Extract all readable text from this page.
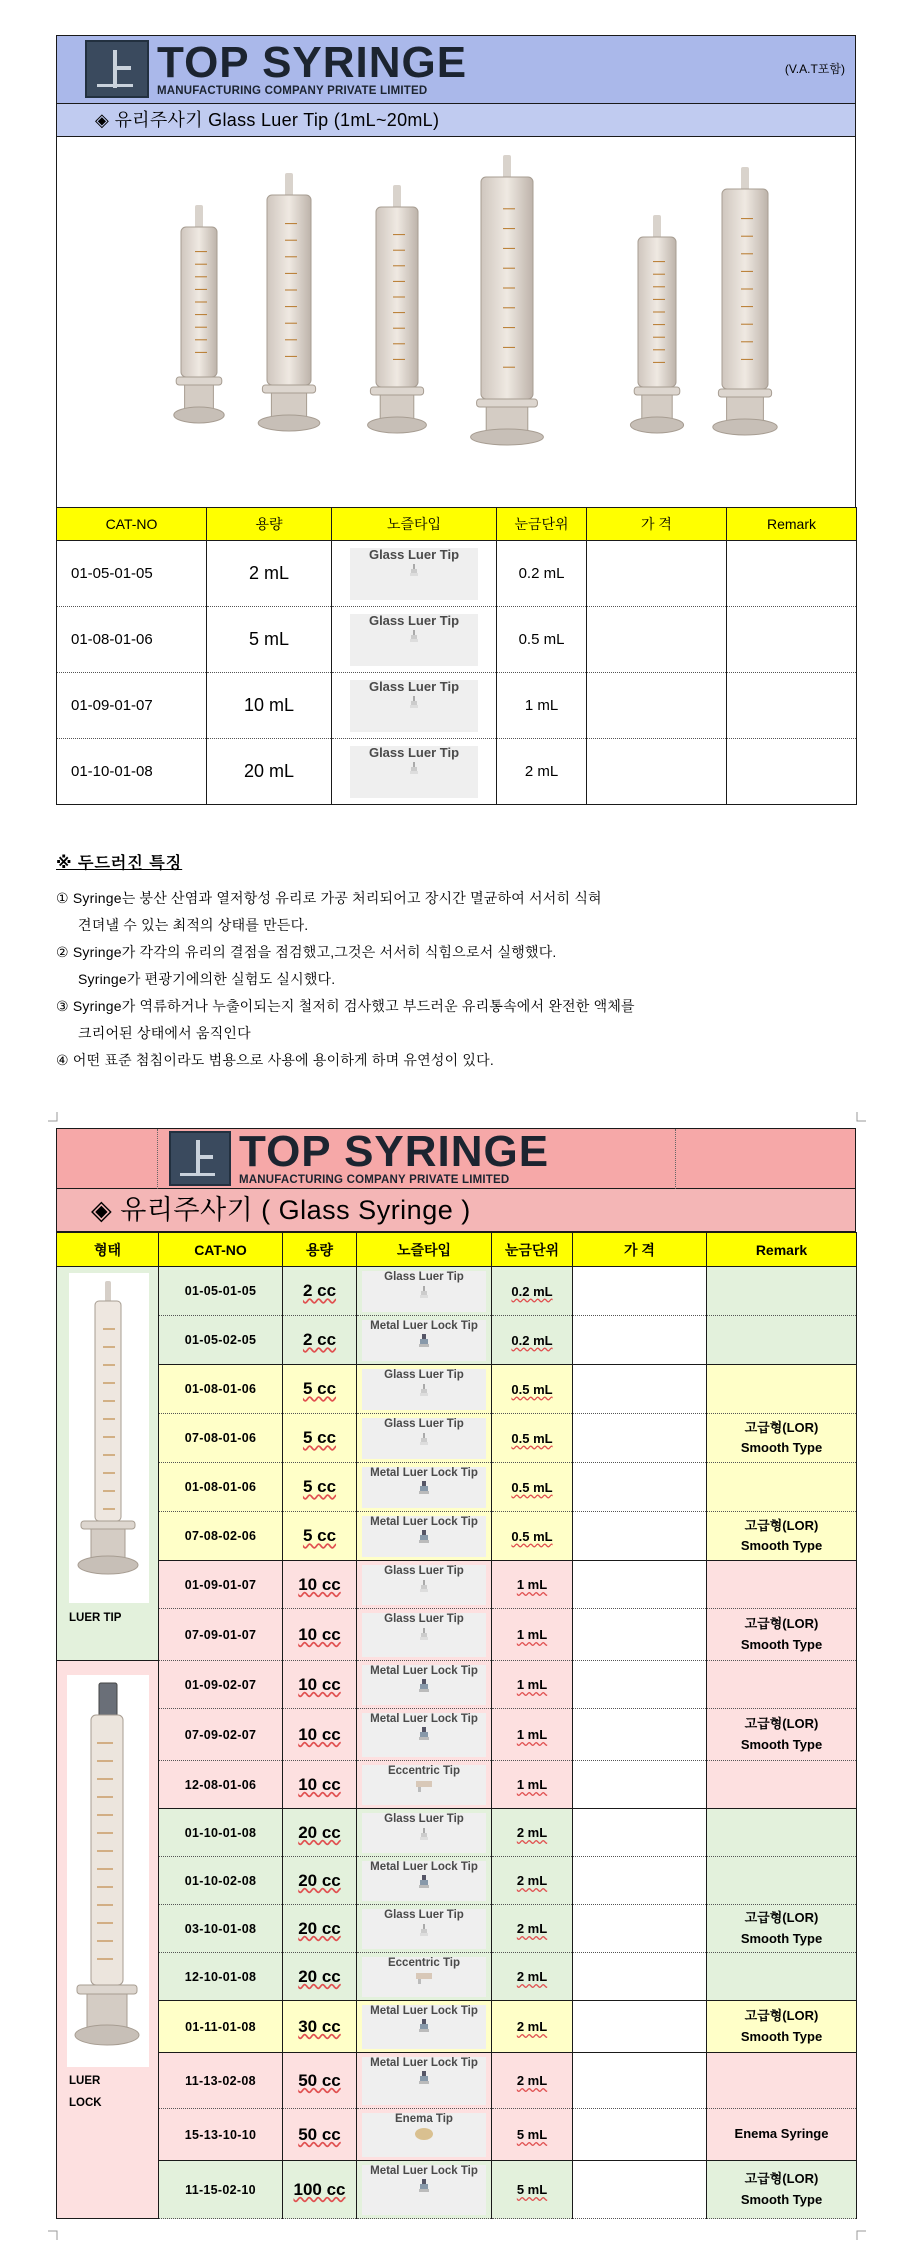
TOP SYRINGE
MANUFACTURING COMPANY PRIVATE LIMITED
(V.A.T포함)
◈ 유리주사기 Glass Luer Tip (1mL~20mL)
CAT-NO	용량	노즐타입	눈금단위	가 격	Remark
01-05-01-05	2 mL	Glass Luer Tip	0.2 mL		
01-08-01-06	5 mL	Glass Luer Tip	0.5 mL		
01-09-01-07	10 mL	Glass Luer Tip	1 mL		
01-10-01-08	20 mL	Glass Luer Tip	2 mL		
※ 두드러진 특징
① Syringe는 붕산 산염과 열저항성 유리로 가공 처리되어고 장시간 멸균하여 서서히 식혀
견뎌낼 수 있는 최적의 상태를 만든다.
② Syringe가 각각의 유리의 결점을 점검했고,그것은 서서히 식힘으로서 실행했다.
Syringe가 편광기에의한 실험도 실시했다.
③ Syringe가 역류하거나 누출이되는지 철저히 검사했고 부드러운 유리통속에서 완전한 액체를
크리어된 상태에서 움직인다
④ 어떤 표준 첨침이라도 범용으로 사용에 용이하게 하며 유연성이 있다.
TOP SYRINGE
MANUFACTURING COMPANY PRIVATE LIMITED
◈ 유리주사기 ( Glass Syringe )
형태	CAT-NO	용량	노즐타입	눈금단위	가 격	Remark

LUER TIP	01-05-01-05	2 cc	Glass Luer Tip	0.2 mL		
	01-05-02-05	2 cc	Metal Luer Lock Tip	0.2 mL		
	01-08-01-06	5 cc	Glass Luer Tip	0.5 mL		
	07-08-01-06	5 cc	Glass Luer Tip	0.5 mL		고급형(LOR) Smooth Type
	01-08-01-06	5 cc	Metal Luer Lock Tip	0.5 mL		
	07-08-02-06	5 cc	Metal Luer Lock Tip	0.5 mL		고급형(LOR) Smooth Type
	01-09-01-07	10 cc	Glass Luer Tip	1 mL		
	07-09-01-07	10 cc	Glass Luer Tip	1 mL		고급형(LOR) Smooth Type

LUER
LOCK	01-09-02-07	10 cc	Metal Luer Lock Tip	1 mL		
	07-09-02-07	10 cc	Metal Luer Lock Tip	1 mL		고급형(LOR) Smooth Type
	12-08-01-06	10 cc	Eccentric Tip	1 mL		
	01-10-01-08	20 cc	Glass Luer Tip	2 mL		
	01-10-02-08	20 cc	Metal Luer Lock Tip	2 mL		
	03-10-01-08	20 cc	Glass Luer Tip	2 mL		고급형(LOR) Smooth Type
	12-10-01-08	20 cc	Eccentric Tip	2 mL		
	01-11-01-08	30 cc	Metal Luer Lock Tip	2 mL		고급형(LOR) Smooth Type
	11-13-02-08	50 cc	Metal Luer Lock Tip	2 mL		
	15-13-10-10	50 cc	Enema Tip	5 mL		Enema Syringe
	11-15-02-10	100 cc	Metal Luer Lock Tip	5 mL		고급형(LOR) Smooth Type
